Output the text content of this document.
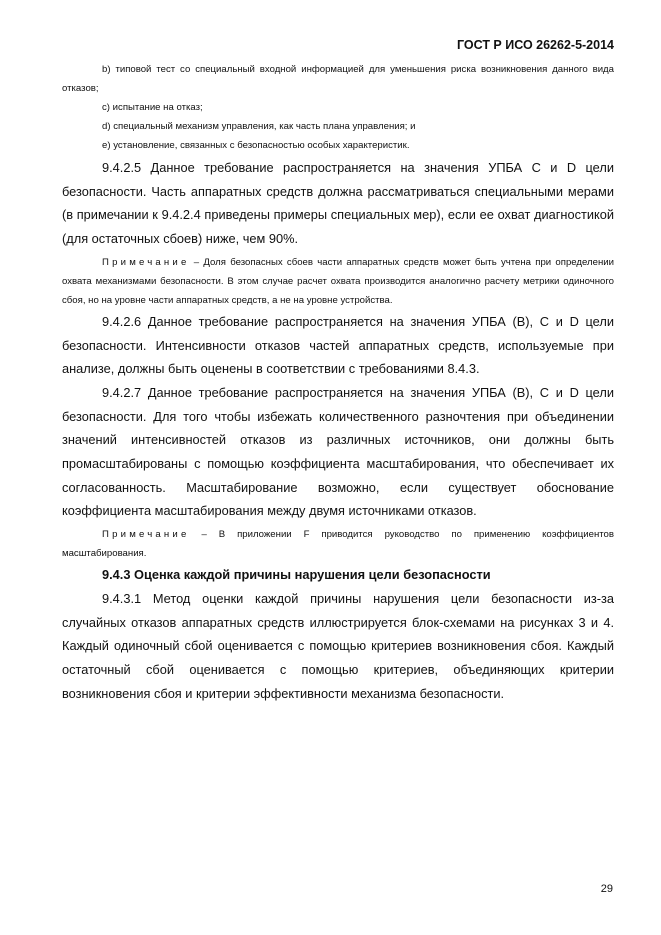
ГОСТ Р ИСО 26262-5-2014

b) типовой тест со специальный входной информацией для уменьшения риска возникновения данного вида отказов;

c) испытание на отказ;

d) специальный механизм управления, как часть плана управления; и

e) установление, связанных с безопасностью особых характеристик.

9.4.2.5 Данное требование распространяется на значения УПБА С и D цели безопасности. Часть аппаратных средств должна рассматриваться специальными мерами (в примечании к 9.4.2.4 приведены примеры специальных мер), если ее охват диагностикой (для остаточных сбоев) ниже, чем 90%.

Примечание – Доля безопасных сбоев части аппаратных средств может быть учтена при определении охвата механизмами безопасности. В этом случае расчет охвата производится аналогично расчету метрики одиночного сбоя, но на уровне части аппаратных средств, а не на уровне устройства.

9.4.2.6 Данное требование распространяется на значения УПБА (В), С и D цели безопасности. Интенсивности отказов частей аппаратных средств, используемые при анализе, должны быть оценены в соответствии с требованиями 8.4.3.

9.4.2.7 Данное требование распространяется на значения УПБА (В), С и D цели безопасности. Для того чтобы избежать количественного разночтения при объединении значений интенсивностей отказов из различных источников, они должны быть промасштабированы с помощью коэффициента масштабирования, что обеспечивает их согласованность. Масштабирование возможно, если существует обоснование коэффициента масштабирования между двумя источниками отказов.

Примечание – В приложении F приводится руководство по применению коэффициентов масштабирования.

9.4.3 Оценка каждой причины нарушения цели безопасности

9.4.3.1 Метод оценки каждой причины нарушения цели безопасности из-за случайных отказов аппаратных средств иллюстрируется блок-схемами на рисунках 3 и 4. Каждый одиночный сбой оценивается с помощью критериев возникновения сбоя. Каждый остаточный сбой оценивается с помощью критериев, объединяющих критерии возникновения сбоя и критерии эффективности механизма безопасности.

29
